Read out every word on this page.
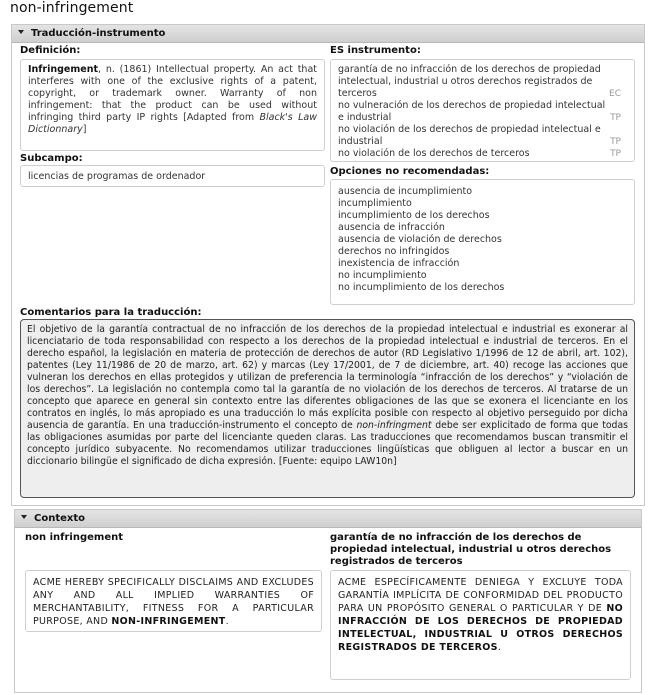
non-infringement
Traducción-instrumento
Definición:
Infringement, n. (1861) Intellectual property. An act that interferes with one of the exclusive rights of a patent, copyright, or trademark owner. Warranty of non infringement: that the product can be used without infringing third party IP rights [Adapted from Black's Law Dictionnary]
Subcampo:
licencias de programas de ordenador
ES instrumento:
garantía de no infracción de los derechos de propiedad intelectual, industrial u otros derechos registrados de terceros	EC
no vulneración de los derechos de propiedad intelectual e industrial	TP
no violación de los derechos de propiedad intelectual e industrial	TP
no violación de los derechos de terceros	TP
Opciones no recomendadas:
ausencia de incumplimiento
incumplimiento
incumplimiento de los derechos
ausencia de infracción
ausencia de violación de derechos
derechos no infringidos
inexistencia de infracción
no incumplimiento
no incumplimiento de los derechos
Comentarios para la traducción:
El objetivo de la garantía contractual de no infracción de los derechos de la propiedad intelectual e industrial es exonerar al licenciatario de toda responsabilidad con respecto a los derechos de la propiedad intelectual e industrial de terceros. En el derecho español, la legislación en materia de protección de derechos de autor (RD Legislativo 1/1996 de 12 de abril, art. 102), patentes (Ley 11/1986 de 20 de marzo, art. 62) y marcas (Ley 17/2001, de 7 de diciembre, art. 40) recoge las acciones que vulneran los derechos en ellas protegidos y utilizan de preferencia la terminología “infracción de los derechos” y “violación de los derechos”. La legislación no contempla como tal la garantía de no violación de los derechos de terceros. Al tratarse de un concepto que aparece en general sin contexto entre las diferentes obligaciones de las que se exonera el licenciante en los contratos en inglés, lo más apropiado es una traducción lo más explícita posible con respecto al objetivo perseguido por dicha ausencia de garantía. En una traducción-instrumento el concepto de non-infringment debe ser explicitado de forma que todas las obligaciones asumidas por parte del licenciante queden claras. Las traducciones que recomendamos buscan transmitir el concepto jurídico subyacente. No recomendamos utilizar traducciones lingüísticas que obliguen al lector a buscar en un diccionario bilingüe el significado de dicha expresión. [Fuente: equipo LAW10n]
Contexto
non infringement	garantía de no infracción de los derechos de propiedad intelectual, industrial u otros derechos registrados de terceros
ACME HEREBY SPECIFICALLY DISCLAIMS AND EXCLUDES ANY AND ALL IMPLIED WARRANTIES OF MERCHANTABILITY, FITNESS FOR A PARTICULAR PURPOSE, AND NON-INFRINGEMENT.
ACME ESPECÍFICAMENTE DENIEGA Y EXCLUYE TODA GARANTÍA IMPLÍCITA DE CONFORMIDAD DEL PRODUCTO PARA UN PROPÓSITO GENERAL O PARTICULAR Y DE NO INFRACCIÓN DE LOS DERECHOS DE PROPIEDAD INTELECTUAL, INDUSTRIAL U OTROS DERECHOS REGISTRADOS DE TERCEROS.
